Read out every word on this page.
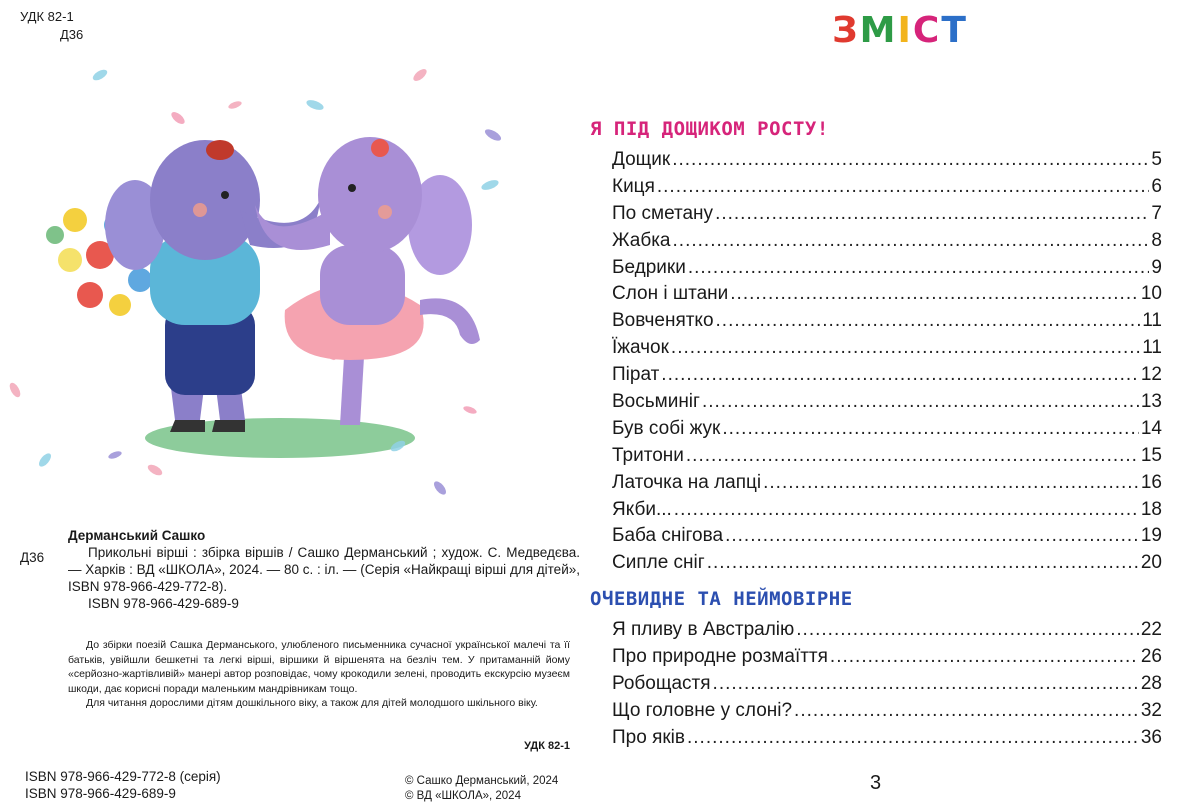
УДК 82-1
Д36
Дерманський Сашко
Д36	Прикольні вірші : збірка віршів / Сашко Дерманський ; худож. С. Медведєва. — Харків : ВД «ШКОЛА», 2024. — 80 с. : іл. — (Серія «Найкращі вірші для дітей», ISBN 978-966-429-772-8).
ISBN 978-966-429-689-9

До збірки поезій Сашка Дерманського, улюбленого письменника сучасної української малечі та її батьків, увійшли бешкетні та легкі вірші, віршики й віршенята на безліч тем. У притаманній йому «серйозно-жартівливій» манері автор розповідає, чому крокодили зелені, проводить екскурсію музеєм шкоди, дає корисні поради маленьким мандрівникам тощо.

Для читання дорослими дітям дошкільного віку, а також для дітей молодшого шкільного віку.

УДК 82-1
ISBN 978-966-429-772-8 (серія)
ISBN 978-966-429-689-9
© Сашко Дерманський, 2024
© ВД «ШКОЛА», 2024
ЗМІСТ
Я ПІД ДОЩИКОМ РОСТУ!
Дощик .....	5
Киця .....	6
По сметану .....	7
Жабка .....	8
Бедрики .....	9
Слон і штани .....	10
Вовченятко .....	11
Їжачок .....	11
Пірат .....	12
Восьминіг .....	13
Був собі жук .....	14
Тритони .....	15
Латочка на лапці .....	16
Якби... .....	18
Баба снігова .....	19
Сипле сніг .....	20
ОЧЕВИДНЕ ТА НЕЙМОВІРНЕ
Я пливу в Австралію .....	22
Про природне розмаїття .....	26
Робощастя .....	28
Що головне у слоні? .....	32
Про яків .....	36
3
